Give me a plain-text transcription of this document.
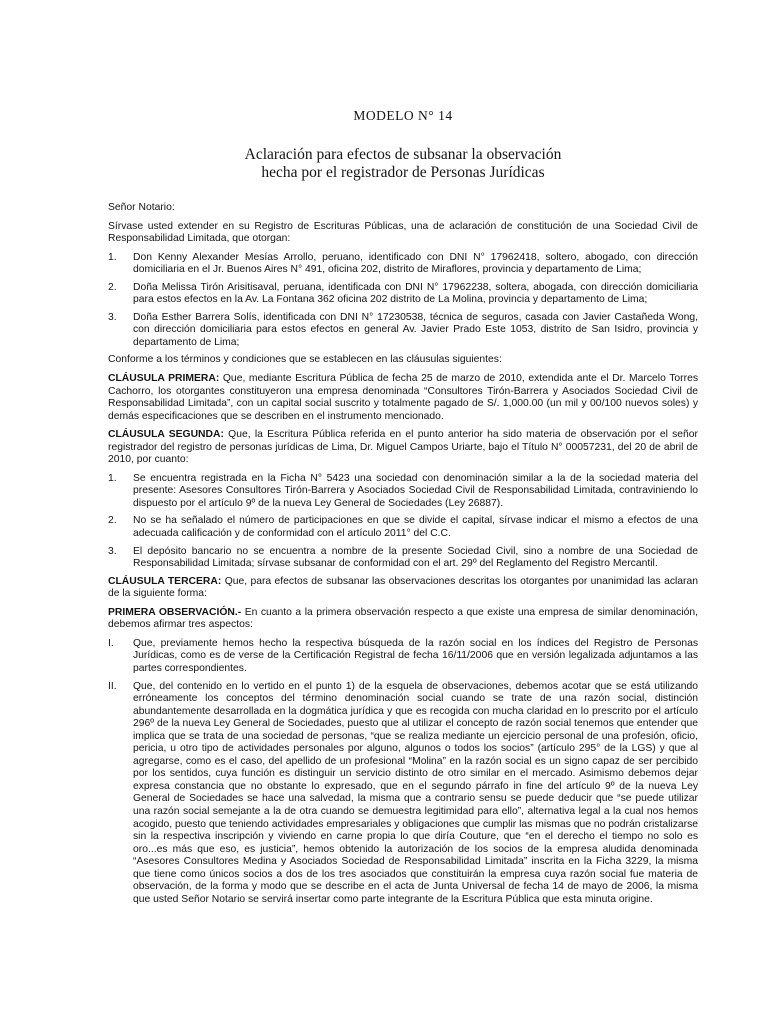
MODELO N° 14
Aclaración para efectos de subsanar la observación
hecha por el registrador de Personas Jurídicas

Señor Notario:

Sírvase usted extender en su Registro de Escrituras Públicas, una de aclaración de constitución de una Sociedad Civil de Responsabilidad Limitada, que otorgan:

1. Don Kenny Alexander Mesías Arrollo, peruano, identificado con DNI N° 17962418, soltero, abogado, con dirección domiciliaria en el Jr. Buenos Aires N° 491, oficina 202, distrito de Miraflores, provincia y departamento de Lima;
2. Doña Melissa Tirón Arisitisaval, peruana, identificada con DNI N° 17962238, soltera, abogada, con dirección domiciliaria para estos efectos en la Av. La Fontana 362 oficina 202 distrito de La Molina, provincia y departamento de Lima;
3. Doña Esther Barrera Solís, identificada con DNI N° 17230538, técnica de seguros, casada con Javier Castañeda Wong, con dirección domiciliaria para estos efectos en general Av. Javier Prado Este 1053, distrito de San Isidro, provincia y departamento de Lima;

Conforme a los términos y condiciones que se establecen en las cláusulas siguientes:

CLÁUSULA PRIMERA: Que, mediante Escritura Pública de fecha 25 de marzo de 2010, extendida ante el Dr. Marcelo Torres Cachorro, los otorgantes constituyeron una empresa denominada “Consultores Tirón-Barrera y Asociados Sociedad Civil de Responsabilidad Limitada”, con un capital social suscrito y totalmente pagado de S/. 1,000.00 (un mil y 00/100 nuevos soles) y demás especificaciones que se describen en el instrumento mencionado.

CLÁUSULA SEGUNDA: Que, la Escritura Pública referida en el punto anterior ha sido materia de observación por el señor registrador del registro de personas jurídicas de Lima, Dr. Miguel Campos Uriarte, bajo el Título N° 00057231, del 20 de abril de 2010, por cuanto:

1. Se encuentra registrada en la Ficha N° 5423 una sociedad con denominación similar a la de la sociedad materia del presente: Asesores Consultores Tirón-Barrera y Asociados Sociedad Civil de Responsabilidad Limitada, contraviniendo lo dispuesto por el artículo 9º de la nueva Ley General de Sociedades (Ley 26887).
2. No se ha señalado el número de participaciones en que se divide el capital, sírvase indicar el mismo a efectos de una adecuada calificación y de conformidad con el artículo 2011° del C.C.
3. El depósito bancario no se encuentra a nombre de la presente Sociedad Civil, sino a nombre de una Sociedad de Responsabilidad Limitada; sírvase subsanar de conformidad con el art. 29º del Reglamento del Registro Mercantil.

CLÁUSULA TERCERA: Que, para efectos de subsanar las observaciones descritas los otorgantes por unanimidad las aclaran de la siguiente forma:

PRIMERA OBSERVACIÓN.- En cuanto a la primera observación respecto a que existe una empresa de similar denominación, debemos afirmar tres aspectos:

I. Que, previamente hemos hecho la respectiva búsqueda de la razón social en los índices del Registro de Personas Jurídicas, como es de verse de la Certificación Registral de fecha 16/11/2006 que en versión legalizada adjuntamos a las partes correspondientes.
II. Que, del contenido en lo vertido en el punto 1) de la esquela de observaciones, debemos acotar que se está utilizando erróneamente los conceptos del término denominación social cuando se trate de una razón social, distinción abundantemente desarrollada en la dogmática jurídica y que es recogida con mucha claridad en lo prescrito por el artículo 296º de la nueva Ley General de Sociedades, puesto que al utilizar el concepto de razón social tenemos que entender que implica que se trata de una sociedad de personas, “que se realiza mediante un ejercicio personal de una profesión, oficio, pericia, u otro tipo de actividades personales por alguno, algunos o todos los socios” (artículo 295° de la LGS) y que al agregarse, como es el caso, del apellido de un profesional “Molina” en la razón social es un signo capaz de ser percibido por los sentidos, cuya función es distinguir un servicio distinto de otro similar en el mercado. Asimismo debemos dejar expresa constancia que no obstante lo expresado, que en el segundo párrafo in fine del artículo 9º de la nueva Ley General de Sociedades se hace una salvedad, la misma que a contrario sensu se puede deducir que “se puede utilizar una razón social semejante a la de otra cuando se demuestra legitimidad para ello”, alternativa legal a la cual nos hemos acogido, puesto que teniendo actividades empresariales y obligaciones que cumplir las mismas que no podrán cristalizarse sin la respectiva inscripción y viviendo en carne propia lo que diría Couture, que “en el derecho el tiempo no solo es oro...es más que eso, es justicia”, hemos obtenido la autorización de los socios de la empresa aludida denominada “Asesores Consultores Medina y Asociados Sociedad de Responsabilidad Limitada” inscrita en la Ficha 3229, la misma que tiene como únicos socios a dos de los tres asociados que constituirán la empresa cuya razón social fue materia de observación, de la forma y modo que se describe en el acta de Junta Universal de fecha 14 de mayo de 2006, la misma que usted Señor Notario se servirá insertar como parte integrante de la Escritura Pública que esta minuta origine.
